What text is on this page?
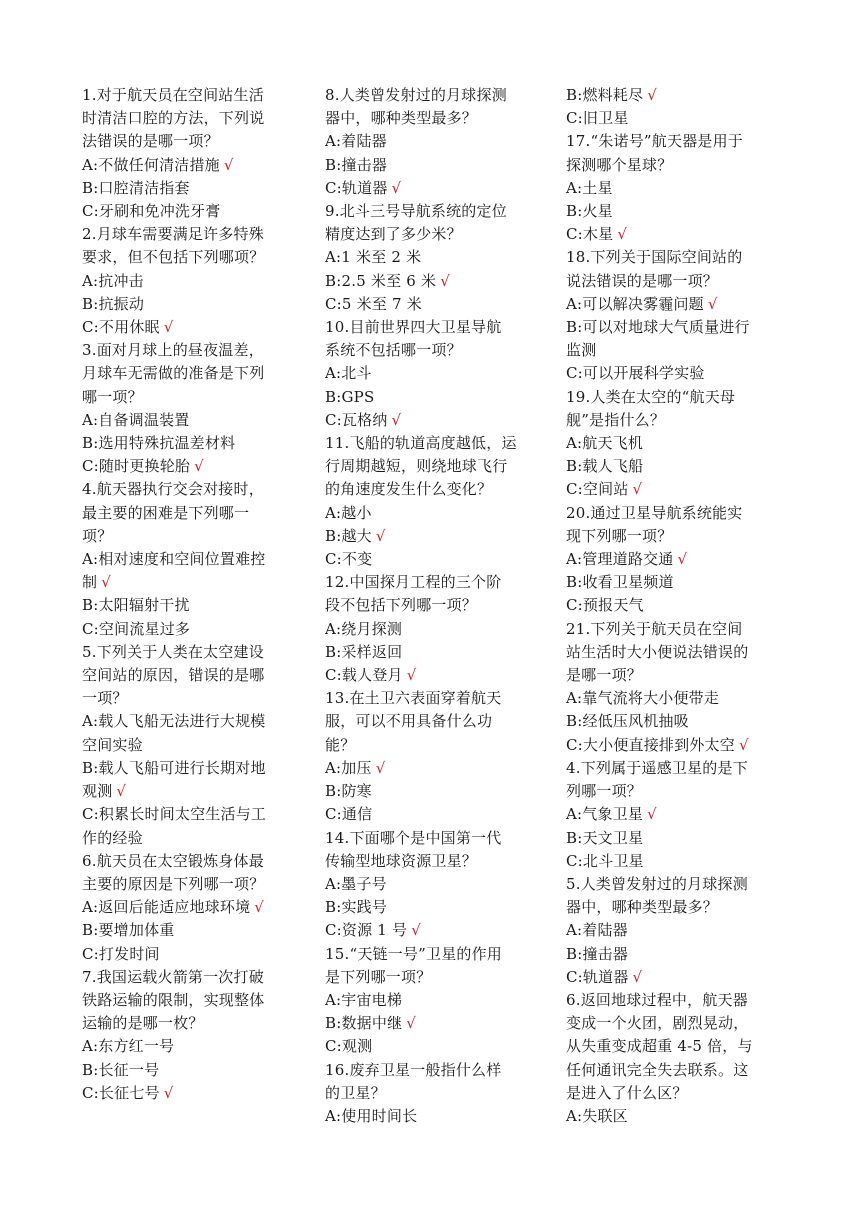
1.对于航天员在空间站生活
时清洁口腔的方法，下列说
法错误的是哪一项？
A:不做任何清洁措施 √
B:口腔清洁指套
C:牙刷和免冲洗牙膏
2.月球车需要满足许多特殊
要求，但不包括下列哪项？
A:抗冲击
B:抗振动
C:不用休眠 √
3.面对月球上的昼夜温差，
月球车无需做的准备是下列
哪一项？
A:自备调温装置
B:选用特殊抗温差材料
C:随时更换轮胎 √
4.航天器执行交会对接时，
最主要的困难是下列哪一
项？
A:相对速度和空间位置难控
制 √
B:太阳辐射干扰
C:空间流星过多
5.下列关于人类在太空建设
空间站的原因，错误的是哪
一项？
A:载人飞船无法进行大规模
空间实验
B:载人飞船可进行长期对地
观测 √
C:积累长时间太空生活与工
作的经验
6.航天员在太空锻炼身体最
主要的原因是下列哪一项？
A:返回后能适应地球环境 √
B:要增加体重
C:打发时间
7.我国运载火箭第一次打破
铁路运输的限制，实现整体
运输的是哪一枚？
A:东方红一号
B:长征一号
C:长征七号 √
8.人类曾发射过的月球探测
器中，哪种类型最多？
A:着陆器
B:撞击器
C:轨道器 √
9.北斗三号导航系统的定位
精度达到了多少米？
A:1 米至 2 米
B:2.5 米至 6 米 √
C:5 米至 7 米
10.目前世界四大卫星导航
系统不包括哪一项？
A:北斗
B:GPS
C:瓦格纳 √
11.飞船的轨道高度越低，运
行周期越短，则绕地球飞行
的角速度发生什么变化？
A:越小
B:越大 √
C:不变
12.中国探月工程的三个阶
段不包括下列哪一项？
A:绕月探测
B:采样返回
C:载人登月 √
13.在土卫六表面穿着航天
服，可以不用具备什么功
能？
A:加压 √
B:防寒
C:通信
14.下面哪个是中国第一代
传输型地球资源卫星？
A:墨子号
B:实践号
C:资源 1 号 √
15.“天链一号”卫星的作用
是下列哪一项？
A:宇宙电梯
B:数据中继 √
C:观测
16.废弃卫星一般指什么样
的卫星？
A:使用时间长
B:燃料耗尽 √
C:旧卫星
17.“朱诺号”航天器是用于
探测哪个星球？
A:土星
B:火星
C:木星 √
18.下列关于国际空间站的
说法错误的是哪一项？
A:可以解决雾霾问题 √
B:可以对地球大气质量进行
监测
C:可以开展科学实验
19.人类在太空的“航天母
舰”是指什么？
A:航天飞机
B:载人飞船
C:空间站 √
20.通过卫星导航系统能实
现下列哪一项？
A:管理道路交通 √
B:收看卫星频道
C:预报天气
21.下列关于航天员在空间
站生活时大小便说法错误的
是哪一项？
A:靠气流将大小便带走
B:经低压风机抽吸
C:大小便直接排到外太空 √
4.下列属于遥感卫星的是下
列哪一项？
A:气象卫星 √
B:天文卫星
C:北斗卫星
5.人类曾发射过的月球探测
器中，哪种类型最多？
A:着陆器
B:撞击器
C:轨道器 √
6.返回地球过程中，航天器
变成一个火团，剧烈晃动，
从失重变成超重 4-5 倍，与
任何通讯完全失去联系。这
是进入了什么区？
A:失联区
